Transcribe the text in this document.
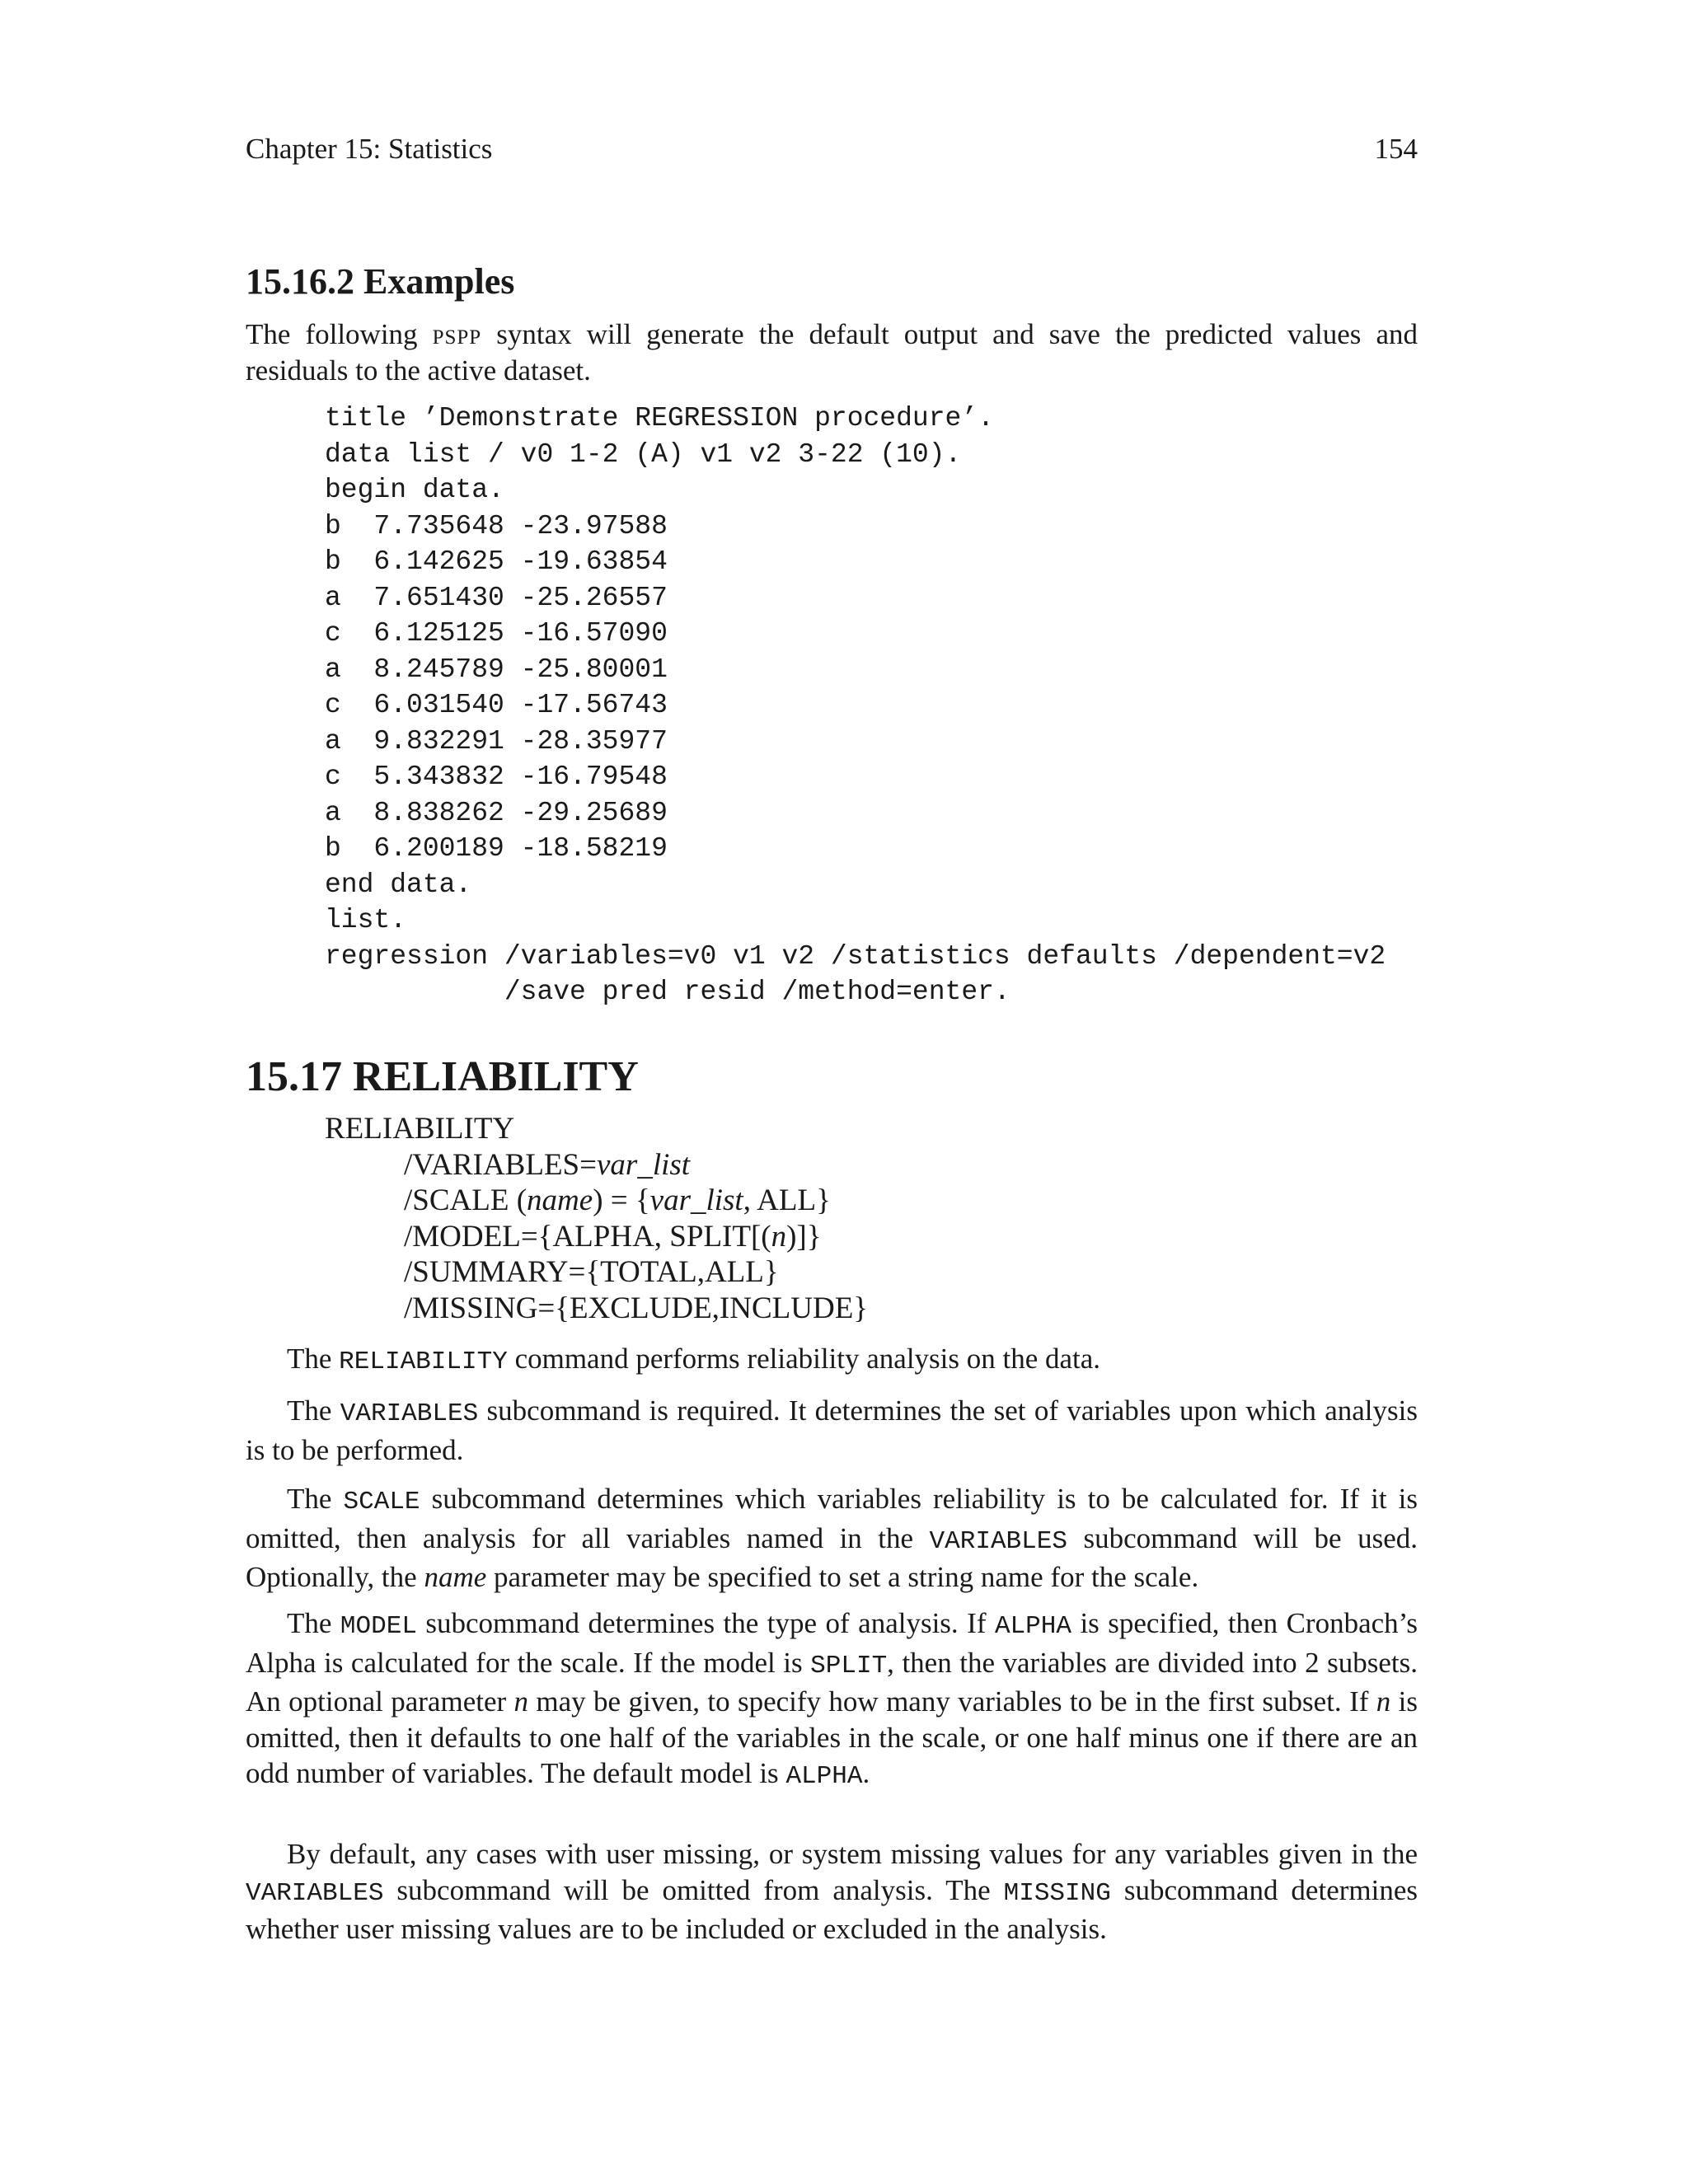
Chapter 15: Statistics	154
15.16.2 Examples

The following pspp syntax will generate the default output and save the predicted values and residuals to the active dataset.

title ’Demonstrate REGRESSION procedure’.
data list / v0 1-2 (A) v1 v2 3-22 (10).
begin data.
b  7.735648 -23.97588
b  6.142625 -19.63854
a  7.651430 -25.26557
c  6.125125 -16.57090
a  8.245789 -25.80001
c  6.031540 -17.56743
a  9.832291 -28.35977
c  5.343832 -16.79548
a  8.838262 -29.25689
b  6.200189 -18.58219
end data.
list.
regression /variables=v0 v1 v2 /statistics defaults /dependent=v2
/save pred resid /method=enter.
15.17 RELIABILITY
RELIABILITY
/VARIABLES=var_list
/SCALE (name) = {var_list, ALL}
/MODEL={ALPHA, SPLIT[(n)]}
/SUMMARY={TOTAL,ALL}
/MISSING={EXCLUDE,INCLUDE}

The RELIABILITY command performs reliability analysis on the data.

The VARIABLES subcommand is required. It determines the set of variables upon which analysis is to be performed.

The SCALE subcommand determines which variables reliability is to be calculated for. If it is omitted, then analysis for all variables named in the VARIABLES subcommand will be used. Optionally, the name parameter may be specified to set a string name for the scale.

The MODEL subcommand determines the type of analysis. If ALPHA is specified, then Cronbach’s Alpha is calculated for the scale. If the model is SPLIT, then the variables are divided into 2 subsets. An optional parameter n may be given, to specify how many variables to be in the first subset. If n is omitted, then it defaults to one half of the variables in the scale, or one half minus one if there are an odd number of variables. The default model is ALPHA.

By default, any cases with user missing, or system missing values for any variables given in the VARIABLES subcommand will be omitted from analysis. The MISSING subcommand determines whether user missing values are to be included or excluded in the analysis.
